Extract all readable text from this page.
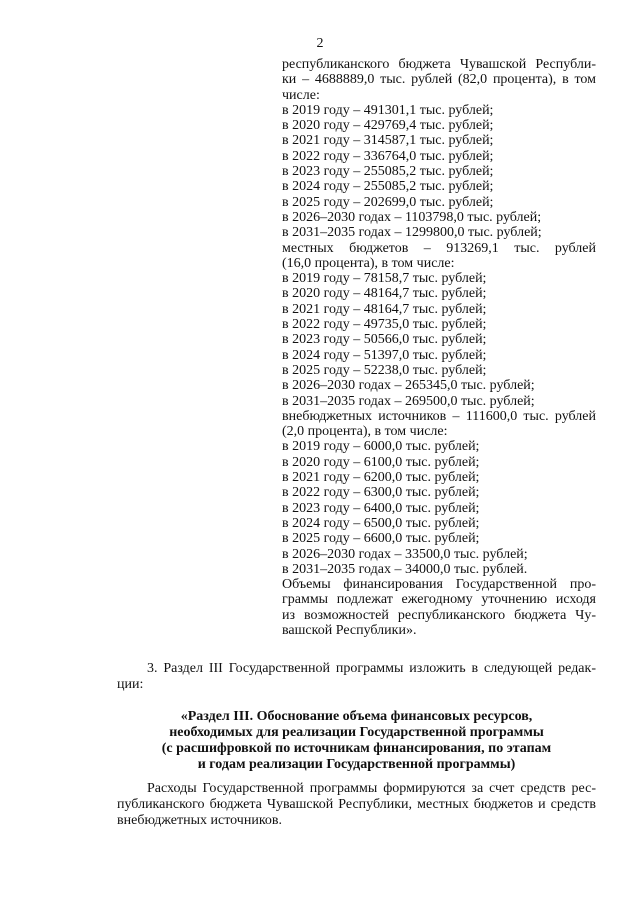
2
республиканского бюджета Чувашской Республи-
ки – 4688889,0 тыс. рублей (82,0 процента), в том
числе:
в 2019 году – 491301,1 тыс. рублей;
в 2020 году – 429769,4 тыс. рублей;
в 2021 году – 314587,1 тыс. рублей;
в 2022 году – 336764,0 тыс. рублей;
в 2023 году – 255085,2 тыс. рублей;
в 2024 году – 255085,2 тыс. рублей;
в 2025 году – 202699,0 тыс. рублей;
в 2026–2030 годах – 1103798,0 тыс. рублей;
в 2031–2035 годах – 1299800,0 тыс. рублей;
местных бюджетов – 913269,1 тыс. рублей
(16,0 процента), в том числе:
в 2019 году – 78158,7 тыс. рублей;
в 2020 году – 48164,7 тыс. рублей;
в 2021 году – 48164,7 тыс. рублей;
в 2022 году – 49735,0 тыс. рублей;
в 2023 году – 50566,0 тыс. рублей;
в 2024 году – 51397,0 тыс. рублей;
в 2025 году – 52238,0 тыс. рублей;
в 2026–2030 годах – 265345,0 тыс. рублей;
в 2031–2035 годах – 269500,0 тыс. рублей;
внебюджетных источников – 111600,0 тыс. рублей
(2,0 процента), в том числе:
в 2019 году – 6000,0 тыс. рублей;
в 2020 году – 6100,0 тыс. рублей;
в 2021 году – 6200,0 тыс. рублей;
в 2022 году – 6300,0 тыс. рублей;
в 2023 году – 6400,0 тыс. рублей;
в 2024 году – 6500,0 тыс. рублей;
в 2025 году – 6600,0 тыс. рублей;
в 2026–2030 годах – 33500,0 тыс. рублей;
в 2031–2035 годах – 34000,0 тыс. рублей.
Объемы финансирования Государственной про-
граммы подлежат ежегодному уточнению исходя
из возможностей республиканского бюджета Чу-
вашской Республики».
3. Раздел III Государственной программы изложить в следующей редак-
ции:
«Раздел III. Обоснование объема финансовых ресурсов,
необходимых для реализации Государственной программы
(с расшифровкой по источникам финансирования, по этапам
и годам реализации Государственной программы)
Расходы Государственной программы формируются за счет средств рес-
публиканского бюджета Чувашской Республики, местных бюджетов и средств
внебюджетных источников.
